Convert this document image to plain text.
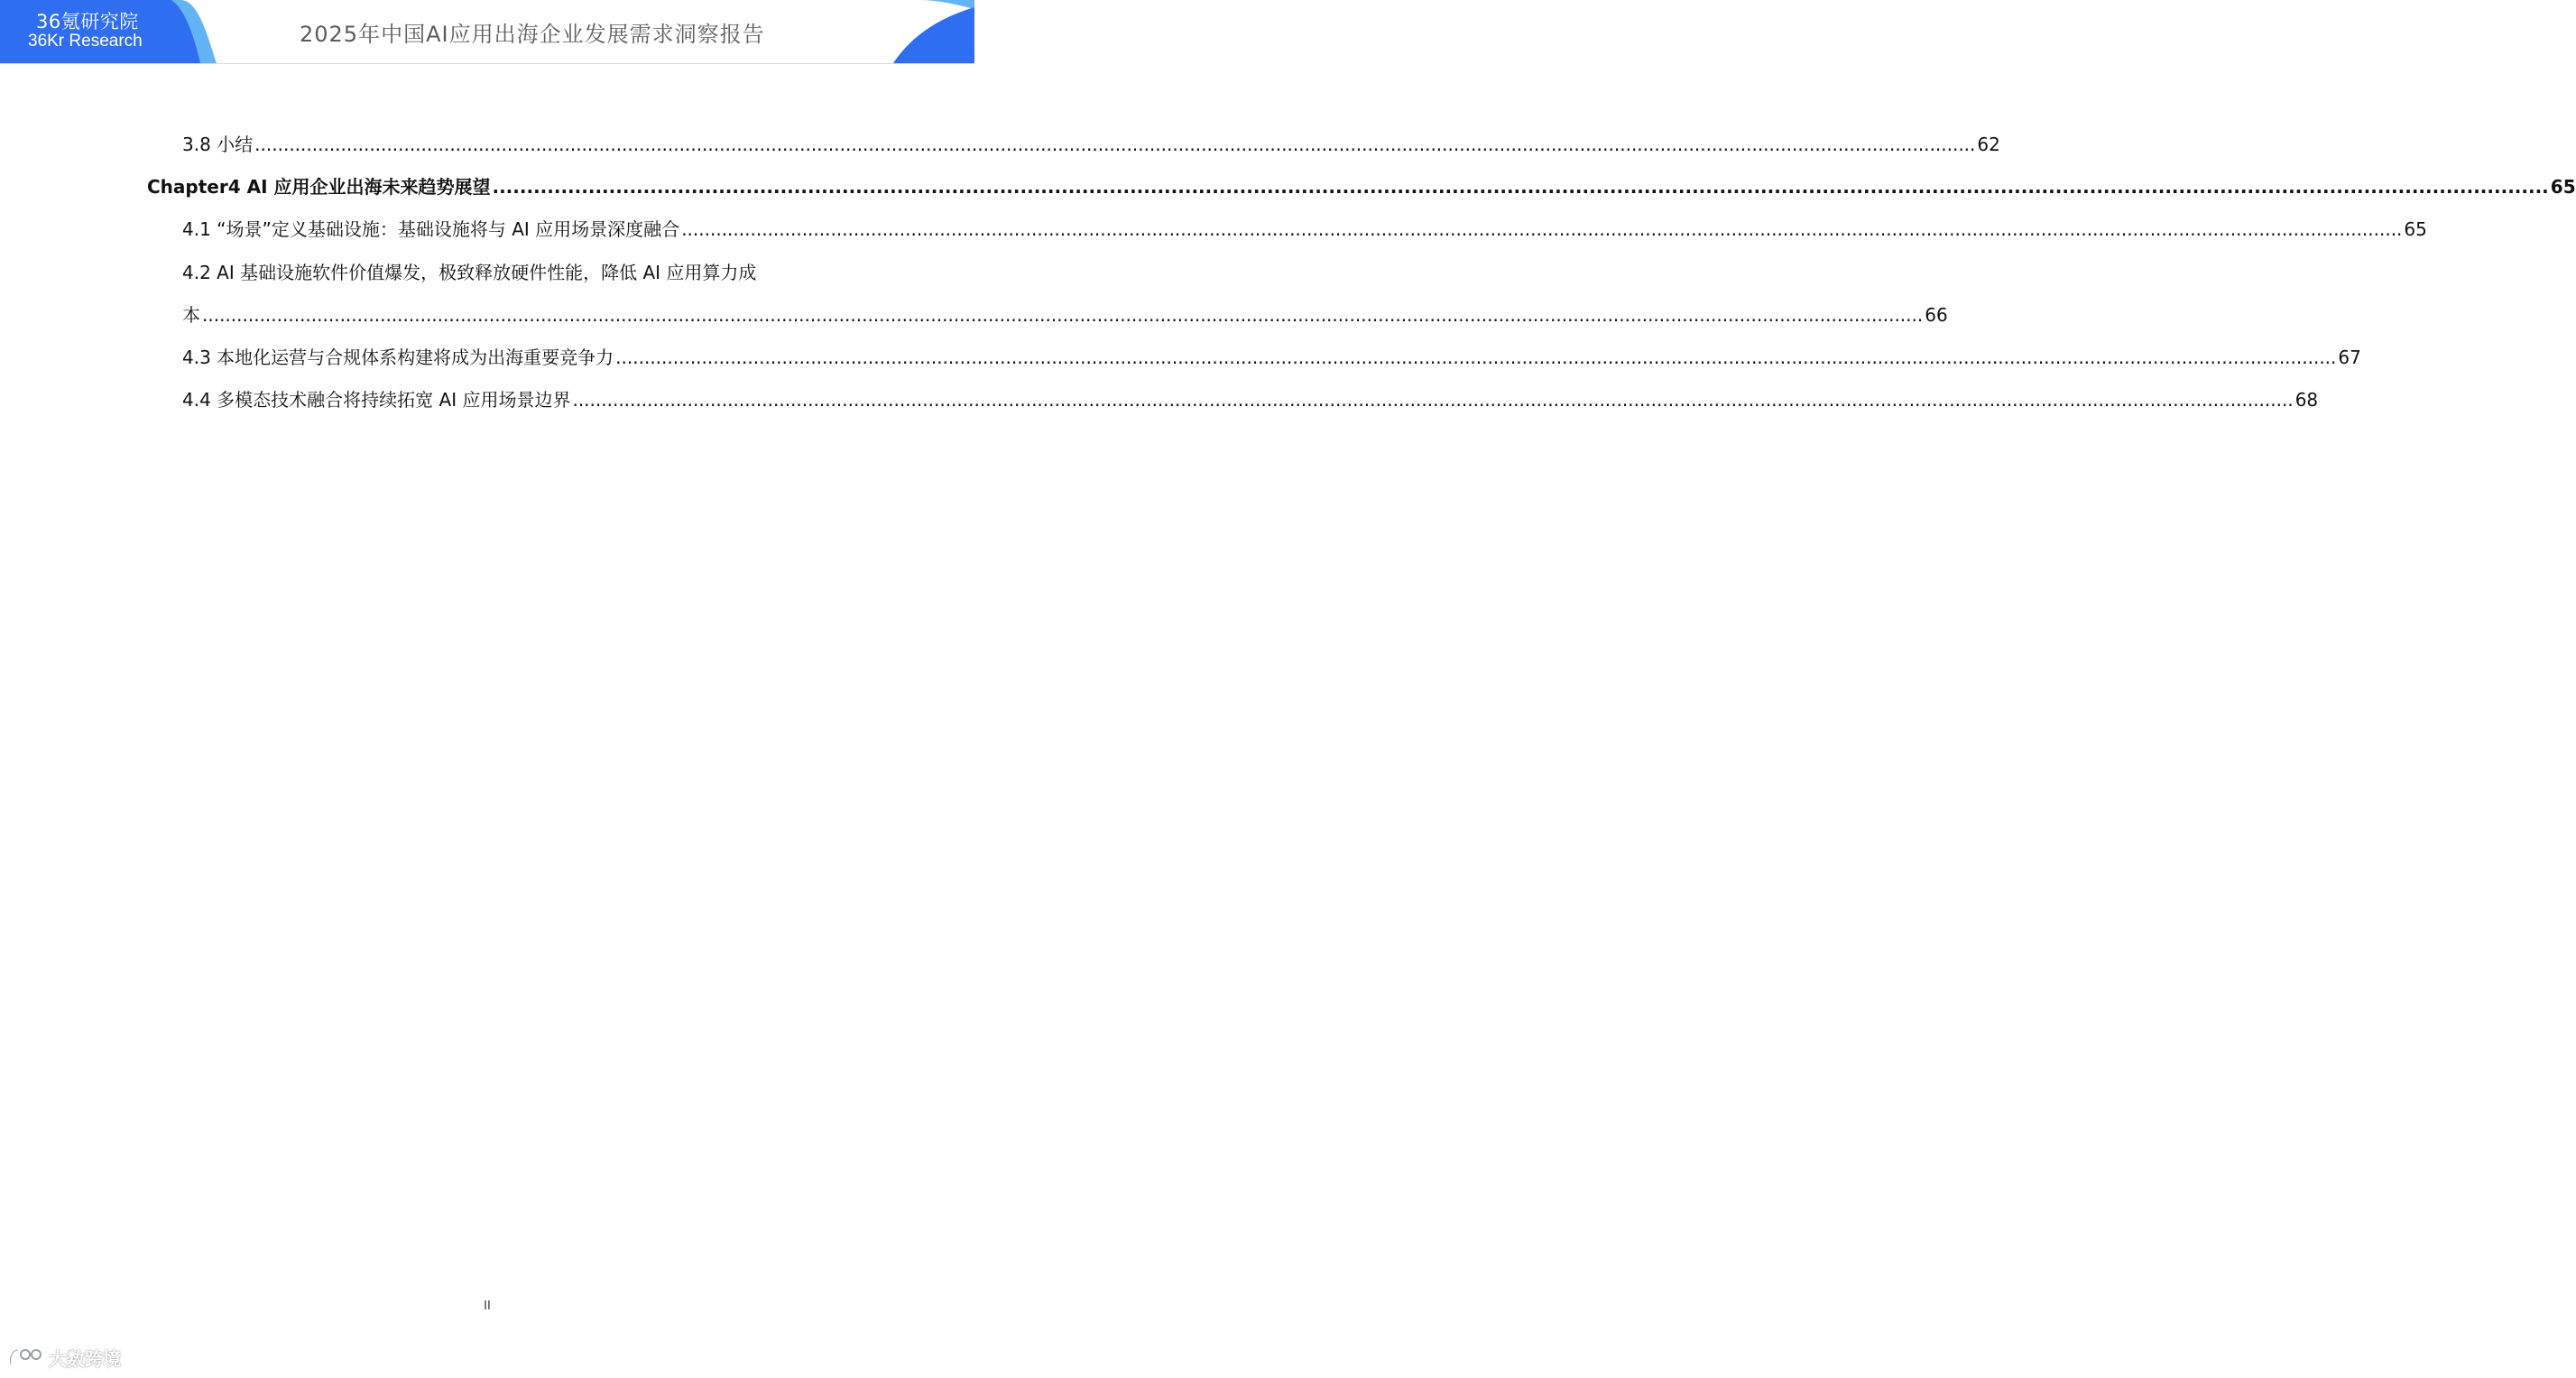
36氪研究院
36Kr Research	2025年中国AI应用出海企业发展需求洞察报告
3.8 小结 ............................................................................................................................................................................................................................................................................................................ 62
Chapter4 AI 应用企业出海未来趋势展望 ............................................................................................................................................................................................................................................................................................................ 65
4.1 “场景”定义基础设施：基础设施将与 AI 应用场景深度融合 ............................................................................................................................................................................................................................................................................................................ 65
4.2 AI 基础设施软件价值爆发，极致释放硬件性能，降低 AI 应用算力成
本 ............................................................................................................................................................................................................................................................................................................ 66
4.3 本地化运营与合规体系构建将成为出海重要竞争力 ............................................................................................................................................................................................................................................................................................................ 67
4.4 多模态技术融合将持续拓宽 AI 应用场景边界 ............................................................................................................................................................................................................................................................................................................ 68
II
大数跨境
